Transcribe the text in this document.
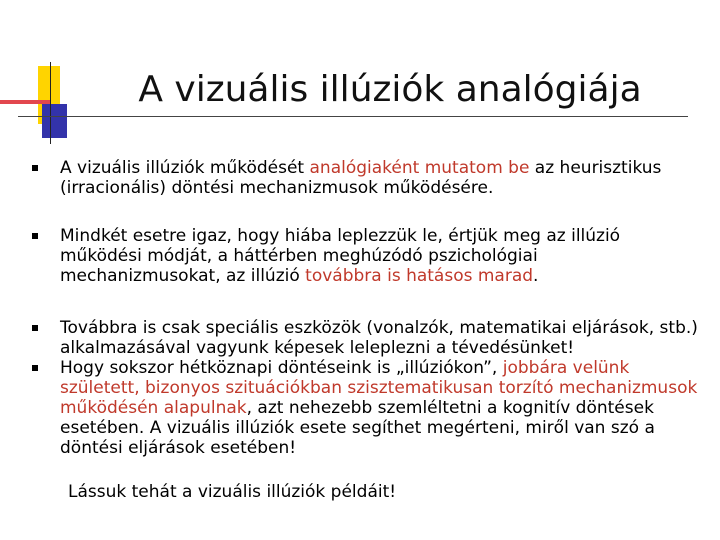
A vizuális illúziók analógiája
A vizuális illúziók működését analógiaként mutatom be az heurisztikus (irracionális) döntési mechanizmusok működésére.
Mindkét esetre igaz, hogy hiába leplezzük le, értjük meg az illúzió működési módját, a háttérben meghúzódó pszichológiai mechanizmusokat, az illúzió továbbra is hatásos marad.
Továbbra is csak speciális eszközök (vonalzók, matematikai eljárások, stb.) alkalmazásával vagyunk képesek leleplezni a tévedésünket!
Hogy sokszor hétköznapi döntéseink is „illúziókon”, jobbára velünk született, bizonyos szituációkban szisztematikusan torzító mechanizmusok működésén alapulnak, azt nehezebb szemléltetni a kognitív döntések esetében. A vizuális illúziók esete segíthet megérteni, miről van szó a döntési eljárások esetében!
Lássuk tehát a vizuális illúziók példáit!
